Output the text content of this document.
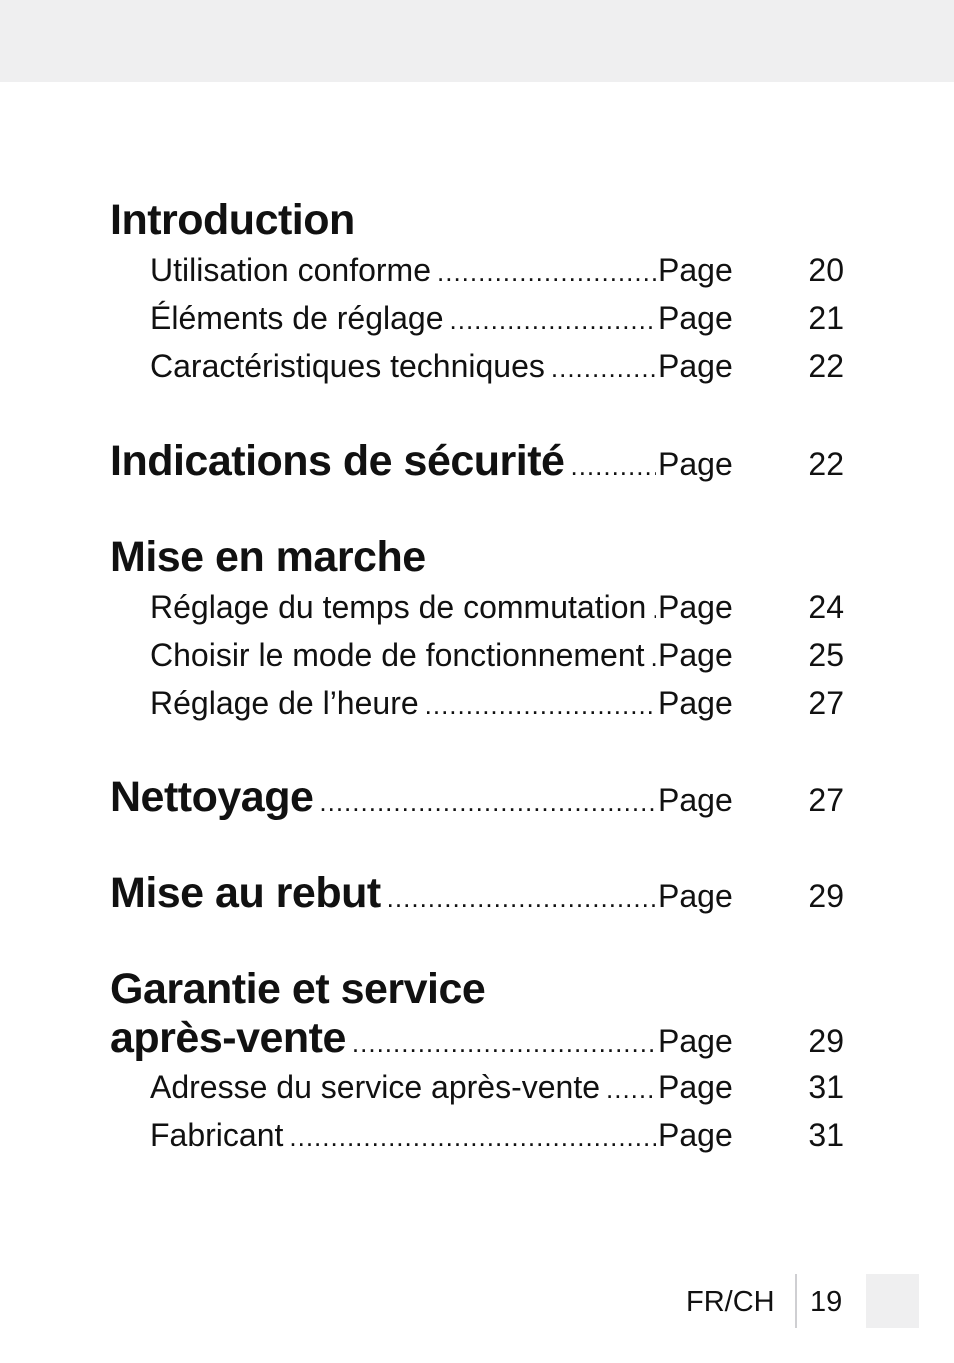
Introduction
Utilisation conforme .....	Page	20
Éléments de réglage .....	Page	21
Caractéristiques techniques .....	Page	22
Indications de sécurité .....	Page	22
Mise en marche
Réglage du temps de commutation ..... Page	24
Choisir le mode de fonctionnement ..... Page	25
Réglage de l’heure .....	Page	27
Nettoyage .....	Page	27
Mise au rebut .....	Page	29
Garantie et service
après-vente .....	Page	29
Adresse du service après-vente ..... Page	31
Fabricant .....	Page	31
FR/CH 19
